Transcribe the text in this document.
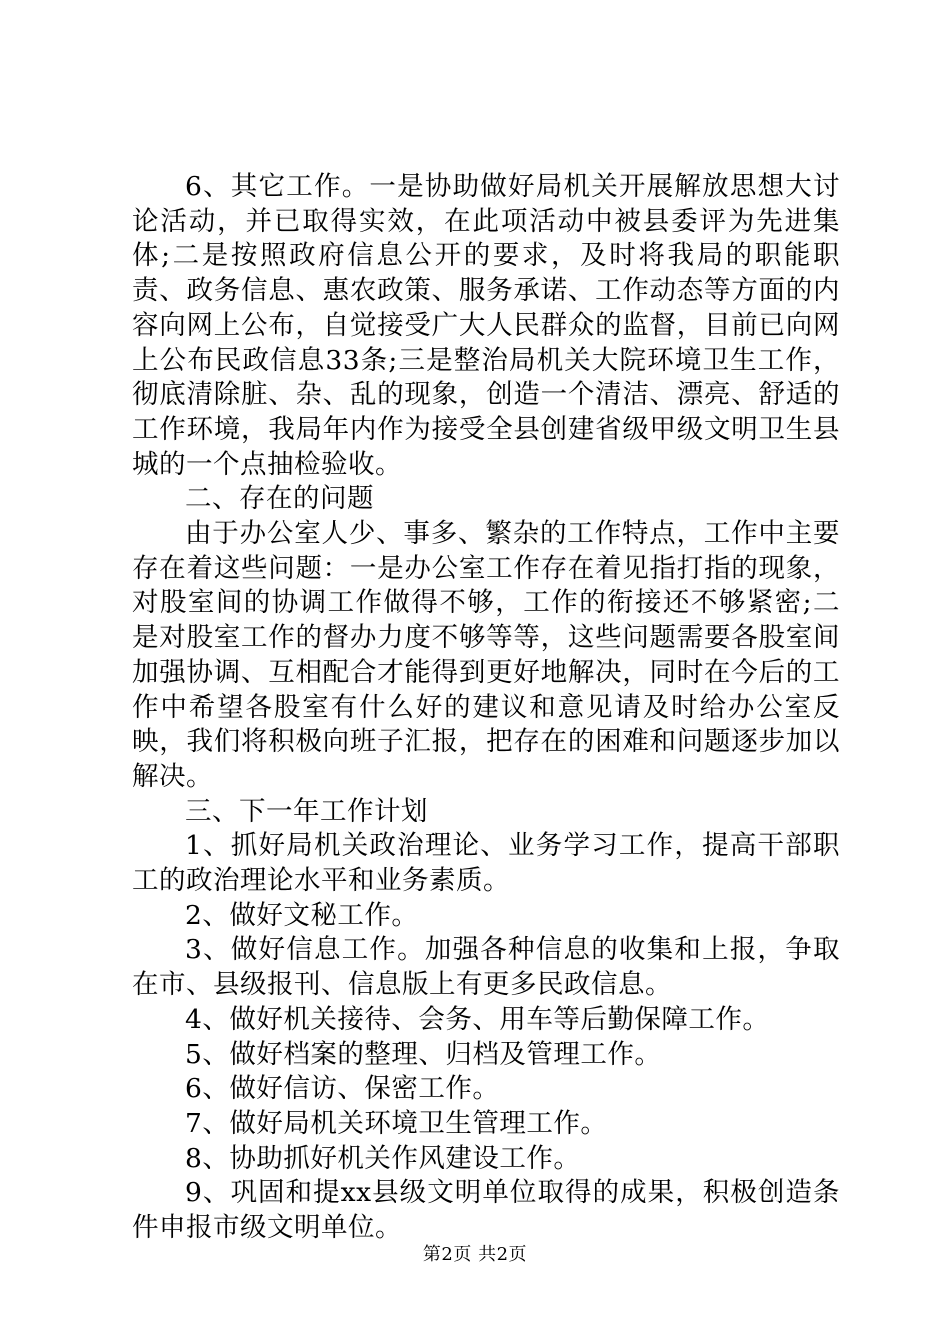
6、其它工作。一是协助做好局机关开展解放思想大讨论活动，并已取得实效，在此项活动中被县委评为先进集体;二是按照政府信息公开的要求，及时将我局的职能职责、政务信息、惠农政策、服务承诺、工作动态等方面的内容向网上公布，自觉接受广大人民群众的监督，目前已向网上公布民政信息33条;三是整治局机关大院环境卫生工作，彻底清除脏、杂、乱的现象，创造一个清洁、漂亮、舒适的工作环境，我局年内作为接受全县创建省级甲级文明卫生县城的一个点抽检验收。

二、存在的问题

由于办公室人少、事多、繁杂的工作特点，工作中主要存在着这些问题：一是办公室工作存在着见指打指的现象，对股室间的协调工作做得不够，工作的衔接还不够紧密;二是对股室工作的督办力度不够等等，这些问题需要各股室间加强协调、互相配合才能得到更好地解决，同时在今后的工作中希望各股室有什么好的建议和意见请及时给办公室反映，我们将积极向班子汇报，把存在的困难和问题逐步加以解决。

三、下一年工作计划

1、抓好局机关政治理论、业务学习工作，提高干部职工的政治理论水平和业务素质。

2、做好文秘工作。

3、做好信息工作。加强各种信息的收集和上报，争取在市、县级报刊、信息版上有更多民政信息。

4、做好机关接待、会务、用车等后勤保障工作。

5、做好档案的整理、归档及管理工作。

6、做好信访、保密工作。

7、做好局机关环境卫生管理工作。

8、协助抓好机关作风建设工作。

9、巩固和提xx县级文明单位取得的成果，积极创造条件申报市级文明单位。

第2页 共2页
